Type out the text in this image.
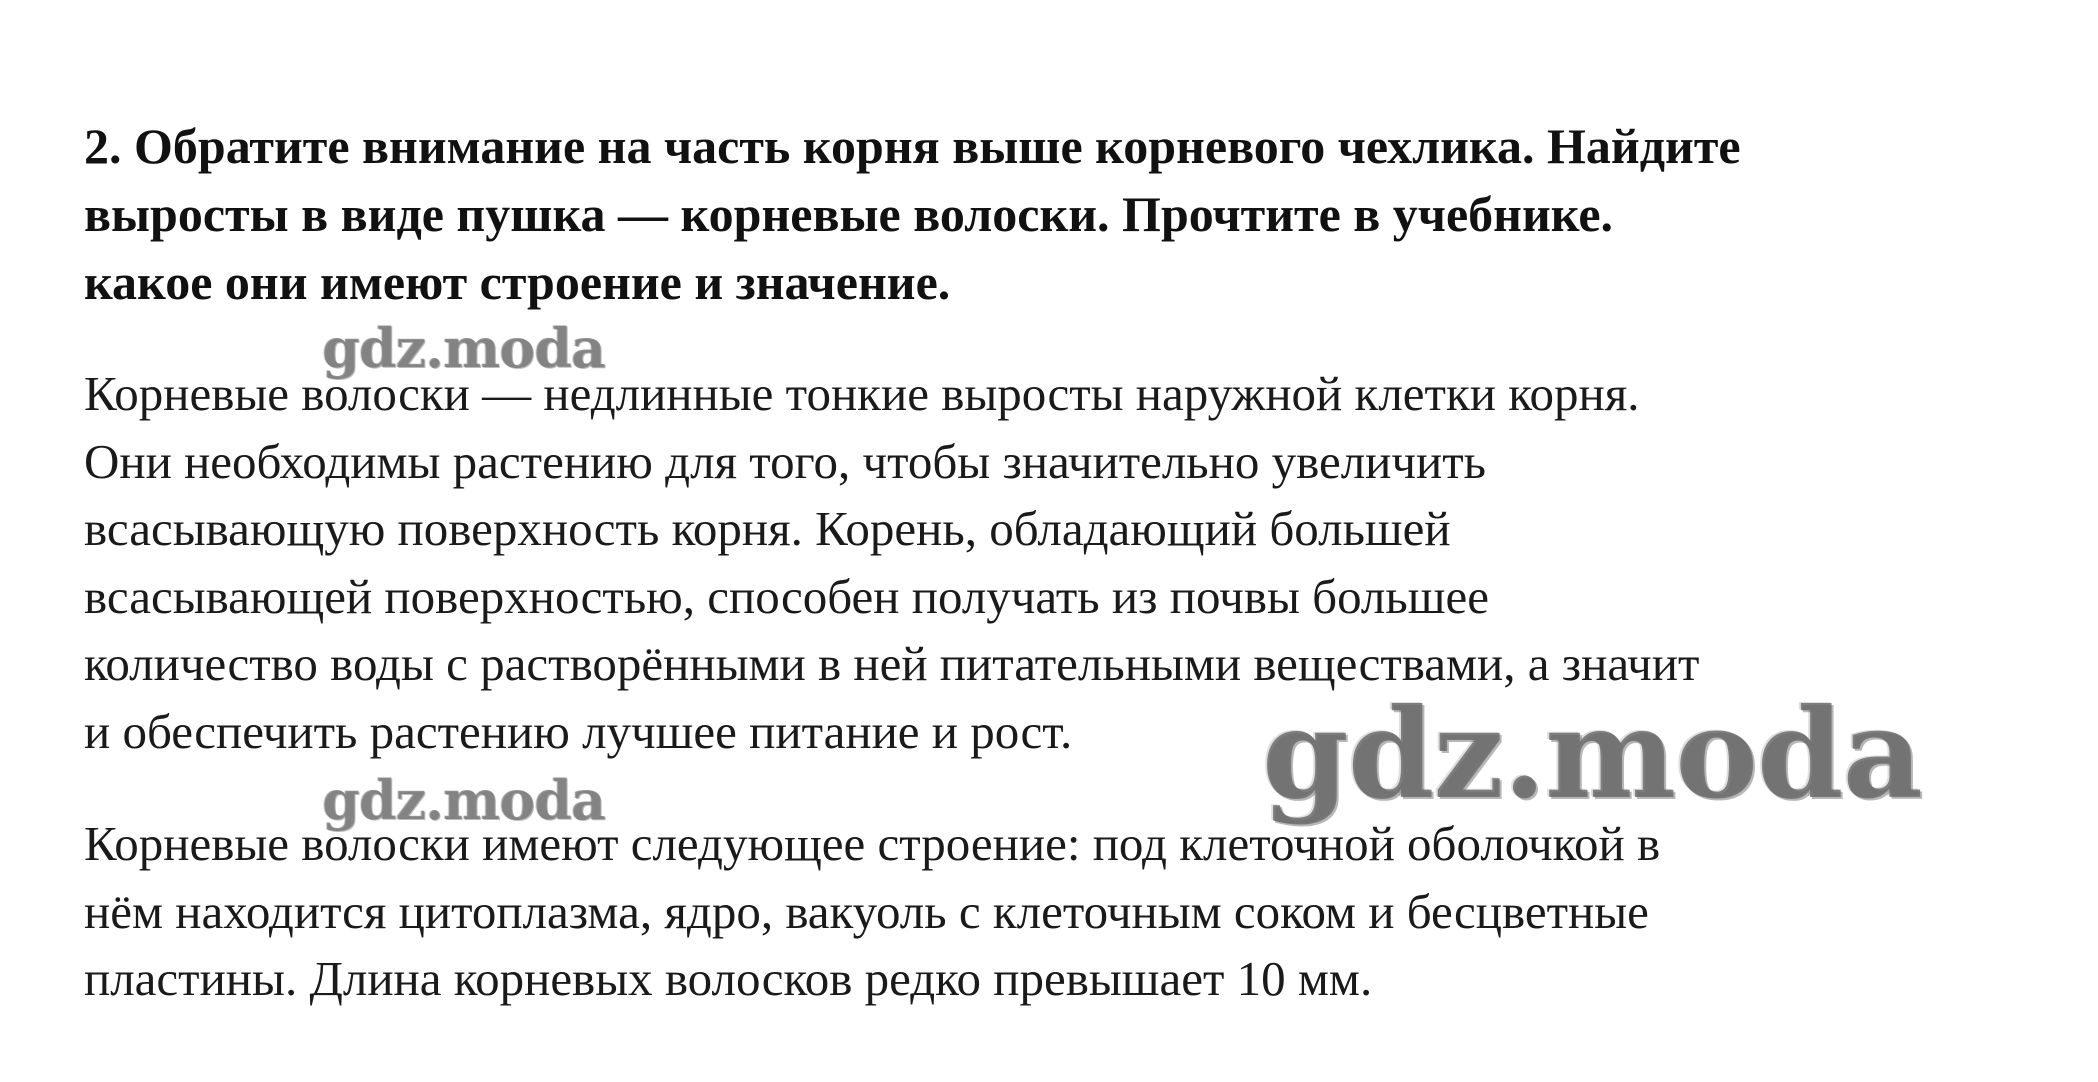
2. Обратите внимание на часть корня выше корневого чехлика. Найдите
выросты в виде пушка — корневые волоски. Прочтите в учебнике.
какое они имеют строение и значение.

Корневые волоски — недлинные тонкие выросты наружной клетки корня.
Они необходимы растению для того, чтобы значительно увеличить
всасывающую поверхность корня. Корень, обладающий большей
всасывающей поверхностью, способен получать из почвы большее
количество воды с растворёнными в ней питательными веществами, а значит
и обеспечить растению лучшее питание и рост.

Корневые волоски имеют следующее строение: под клеточной оболочкой в
нём находится цитоплазма, ядро, вакуоль с клеточным соком и бесцветные
пластины. Длина корневых волосков редко превышает 10 мм.

gdz.moda
gdz.moda	gdz.moda
